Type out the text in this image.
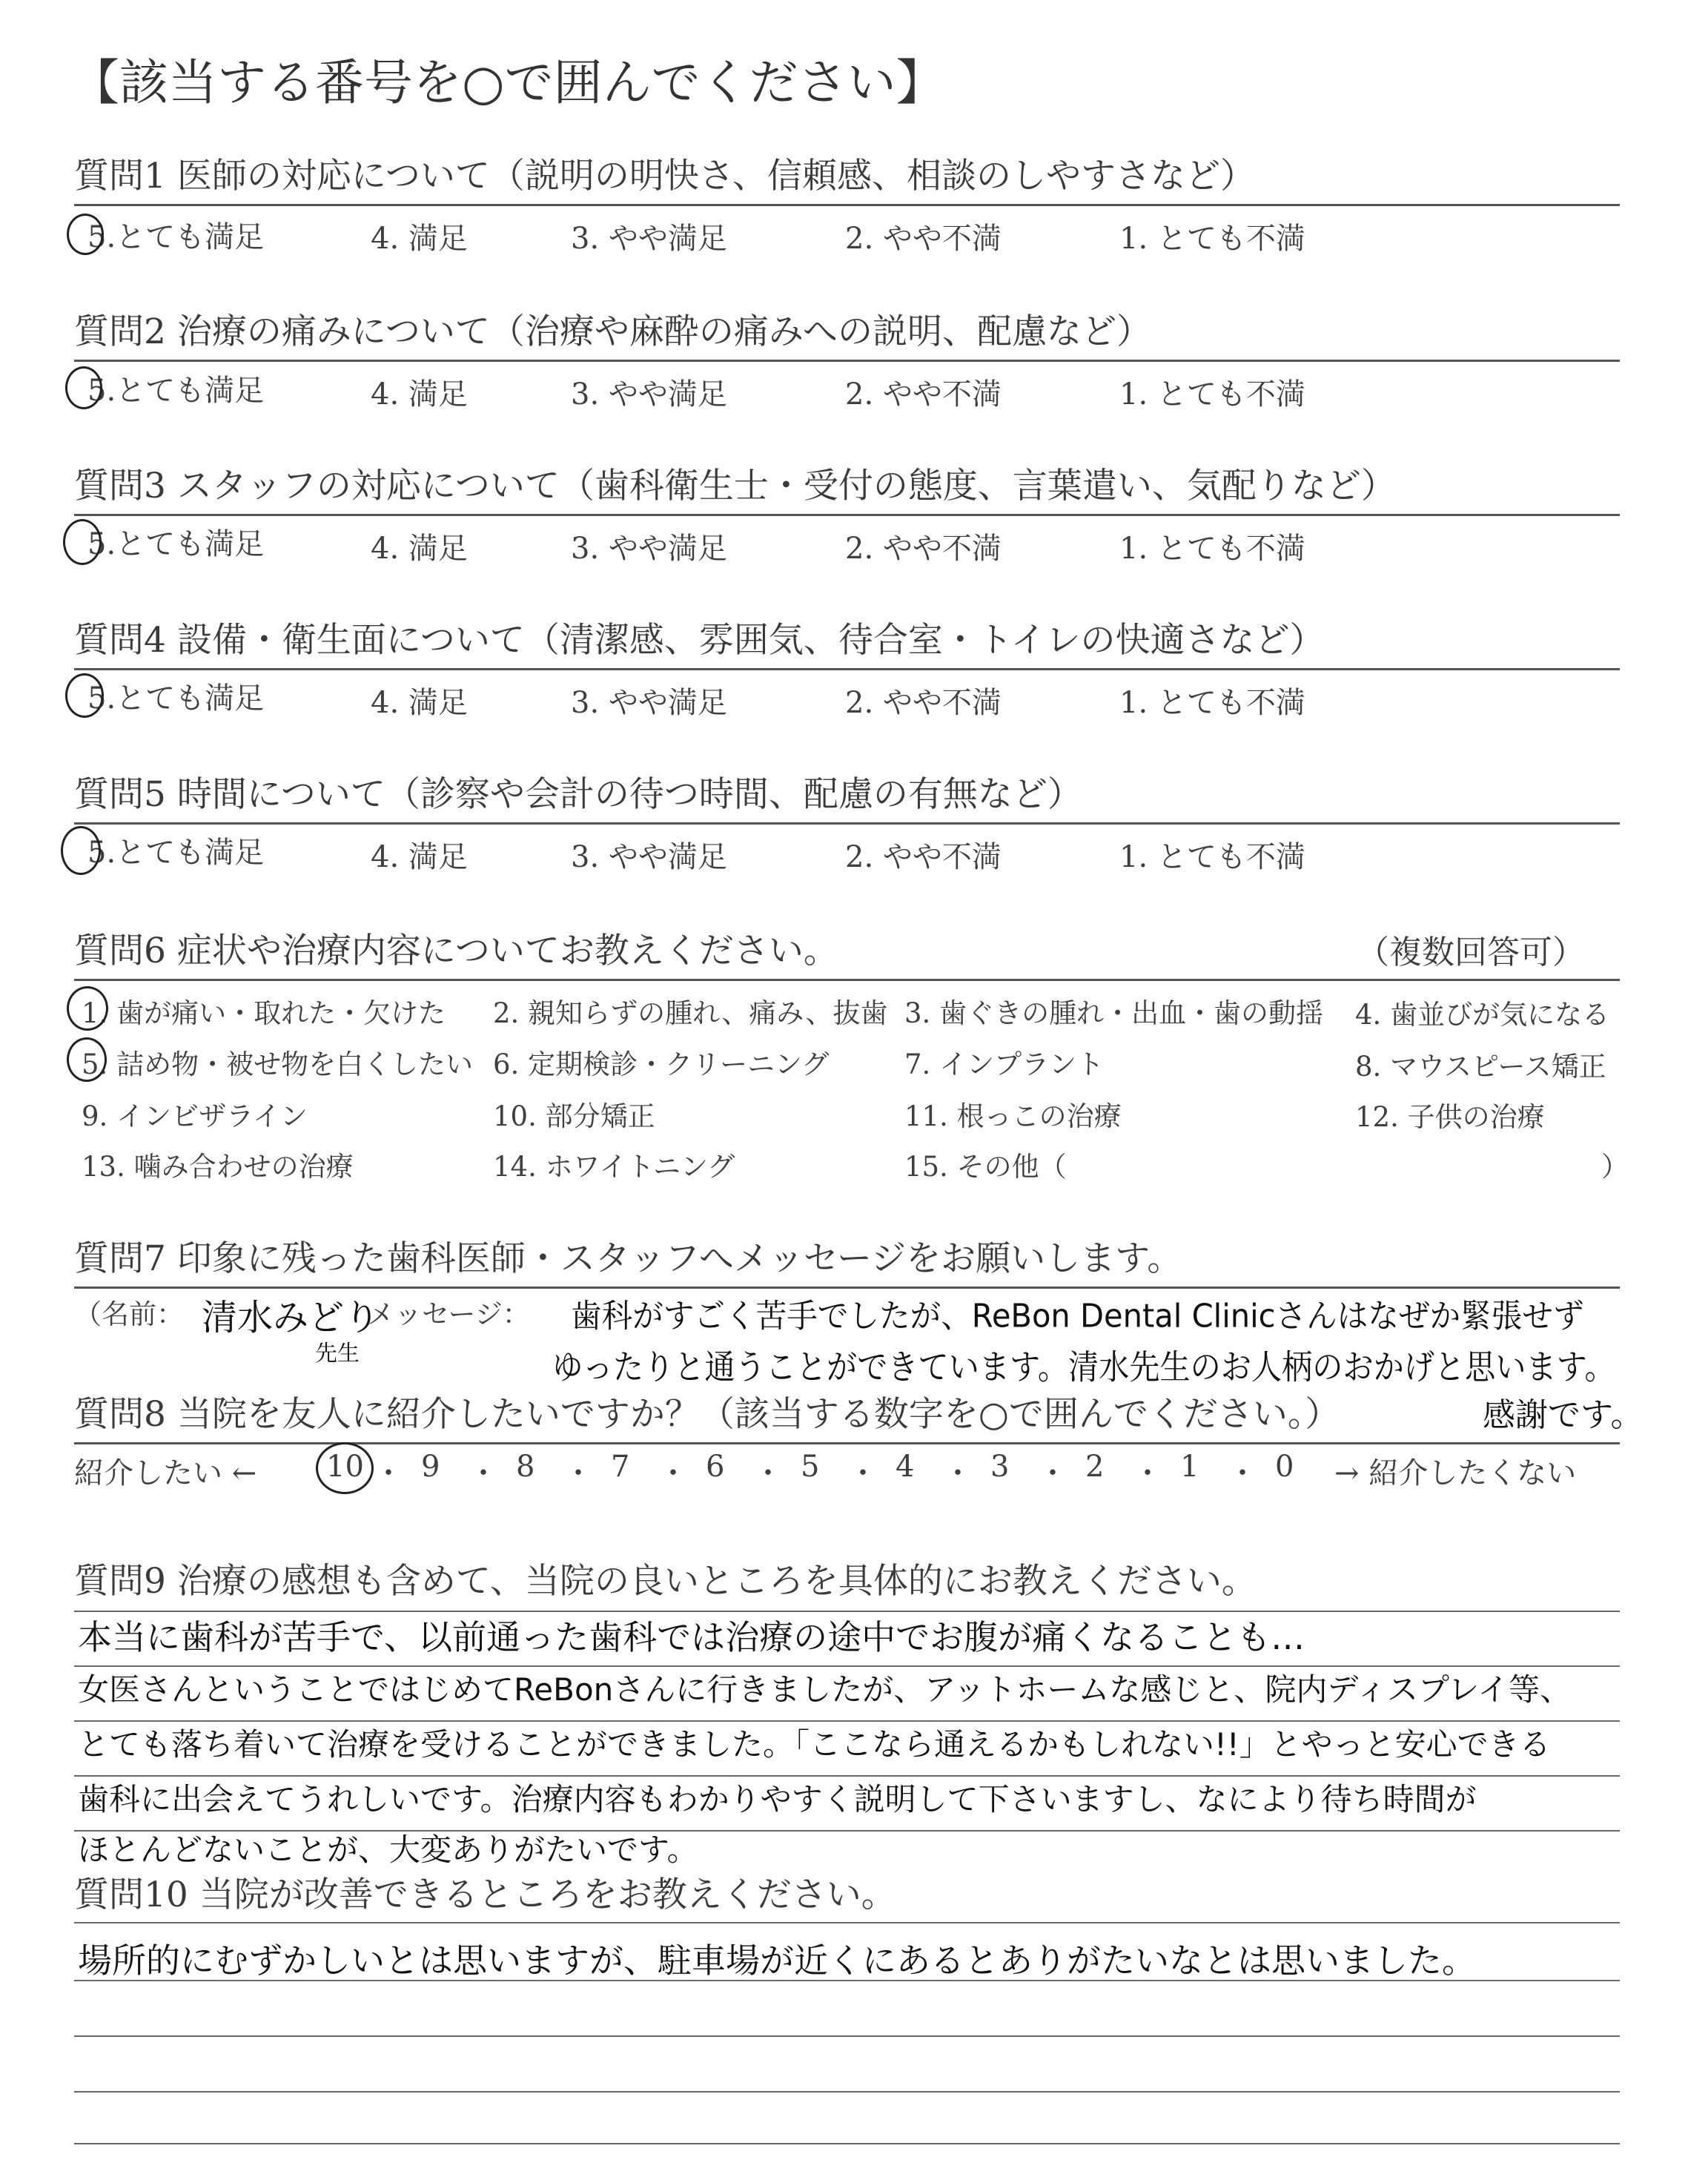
【該当する番号を○で囲んでください】
質問1 医師の対応について（説明の明快さ、信頼感、相談のしやすさなど）
5.とても満足	4. 満足	3. やや満足	2. やや不満	1. とても不満
質問2 治療の痛みについて（治療や麻酔の痛みへの説明、配慮など）
5.とても満足	4. 満足	3. やや満足	2. やや不満	1. とても不満
質問3 スタッフの対応について（歯科衛生士・受付の態度、言葉遣い、気配りなど）
5.とても満足	4. 満足	3. やや満足	2. やや不満	1. とても不満
質問4 設備・衛生面について（清潔感、雰囲気、待合室・トイレの快適さなど）
5.とても満足	4. 満足	3. やや満足	2. やや不満	1. とても不満
質問5 時間について（診察や会計の待つ時間、配慮の有無など）
5.とても満足	4. 満足	3. やや満足	2. やや不満	1. とても不満
質問6 症状や治療内容についてお教えください。	（複数回答可）
1. 歯が痛い・取れた・欠けた 2. 親知らずの腫れ、痛み、抜歯 3. 歯ぐきの腫れ・出血・歯の動揺 4. 歯並びが気になる
5. 詰め物・被せ物を白くしたい 6. 定期検診・クリーニング	7. インプラント	8. マウスピース矯正
9. インビザライン	10. 部分矯正	11. 根っこの治療	12. 子供の治療
13. 噛み合わせの治療	14. ホワイトニング	15. その他（	）
質問7 印象に残った歯科医師・スタッフへメッセージをお願いします。
（名前： 清水みどり
先生
メッセージ： 歯科がすごく苦手でしたが、ReBon Dental Clinicさんはなぜか緊張せず
ゆったりと通うことができています。清水先生のお人柄のおかげと思います。
感謝です。
質問8 当院を友人に紹介したいですか？（該当する数字を○で囲んでください。）
紹介したい ← 10 ・ 9 ・ 8 ・ 7 ・ 6 ・ 5 ・ 4 ・ 3 ・ 2 ・ 1 ・ 0 → 紹介したくない
質問9 治療の感想も含めて、当院の良いところを具体的にお教えください。
本当に歯科が苦手で、以前通った歯科では治療の途中でお腹が痛くなることも…
女医さんということではじめてReBonさんに行きましたが、アットホームな感じと、院内ディスプレイ等、
とても落ち着いて治療を受けることができました。「ここなら通えるかもしれない!!」とやっと安心できる
歯科に出会えてうれしいです。治療内容もわかりやすく説明して下さいますし、なにより待ち時間が
ほとんどないことが、大変ありがたいです。
質問10 当院が改善できるところをお教えください。
場所的にむずかしいとは思いますが、駐車場が近くにあるとありがたいなとは思いました。
